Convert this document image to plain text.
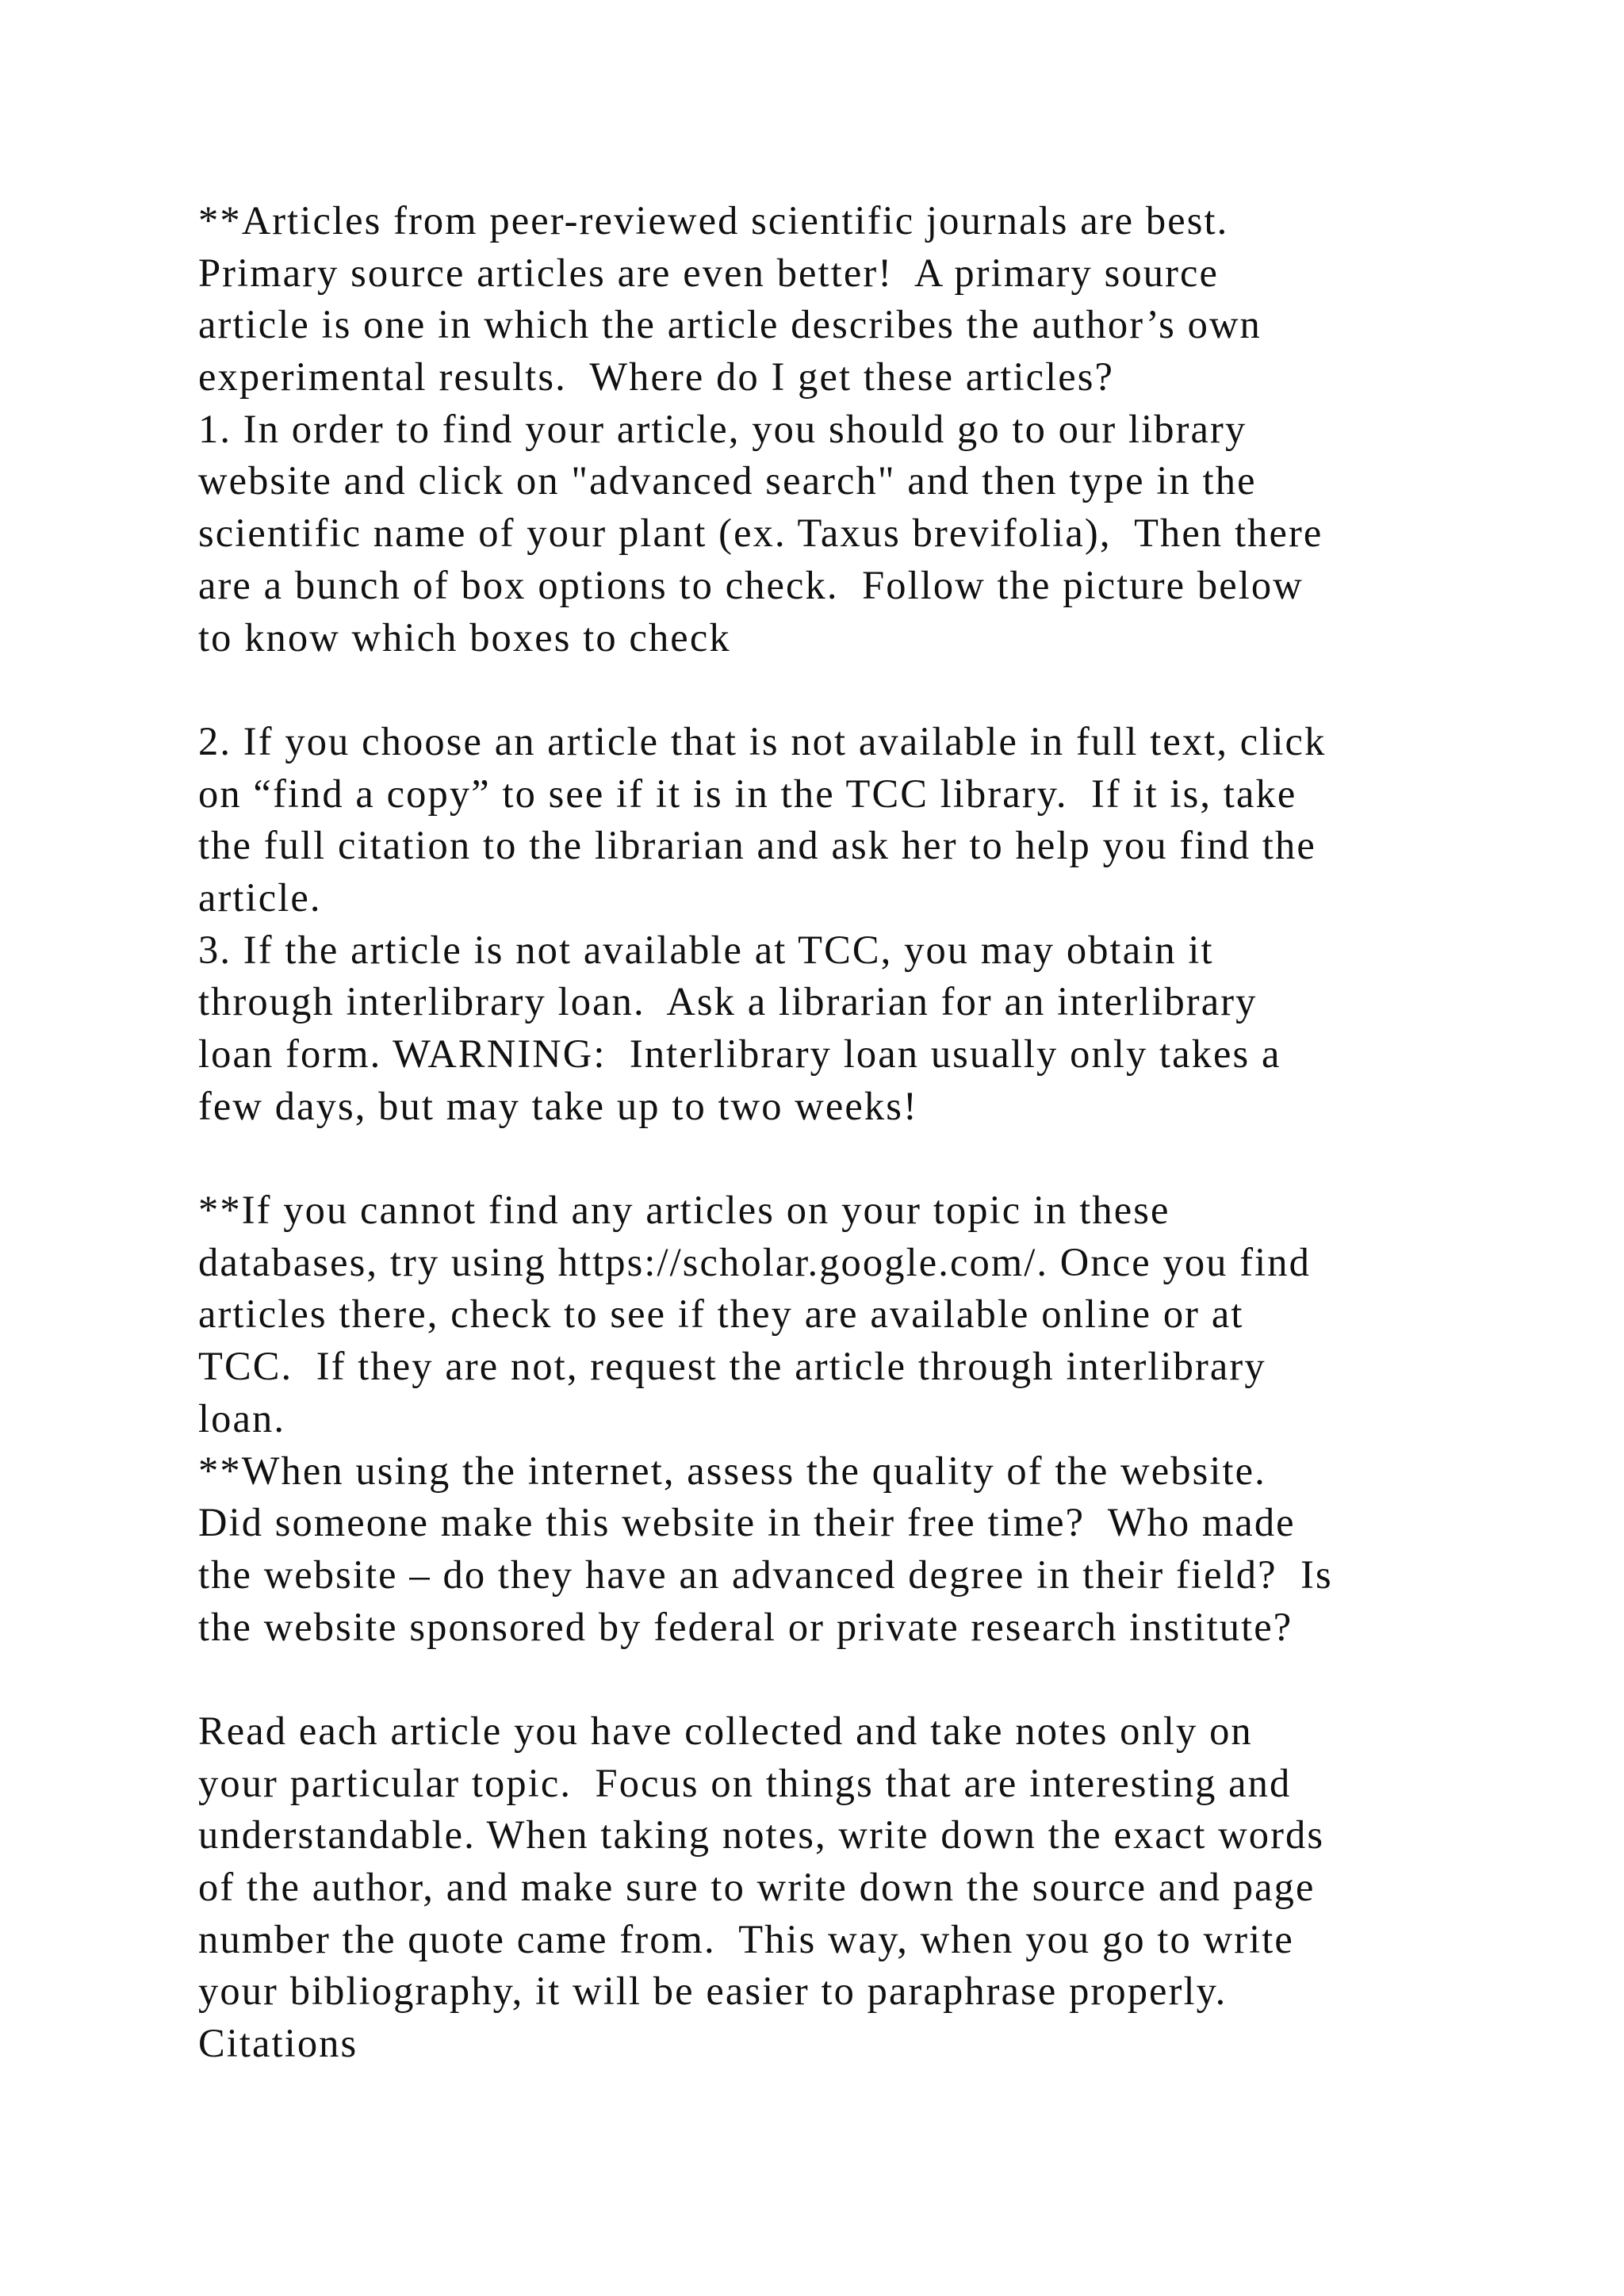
**Articles from peer-reviewed scientific journals are best.
Primary source articles are even better!  A primary source
article is one in which the article describes the author’s own
experimental results.  Where do I get these articles?
1. In order to find your article, you should go to our library
website and click on "advanced search" and then type in the
scientific name of your plant (ex. Taxus brevifolia),  Then there
are a bunch of box options to check.  Follow the picture below
to know which boxes to check
2. If you choose an article that is not available in full text, click
on “find a copy” to see if it is in the TCC library.  If it is, take
the full citation to the librarian and ask her to help you find the
article.
3. If the article is not available at TCC, you may obtain it
through interlibrary loan.  Ask a librarian for an interlibrary
loan form. WARNING:  Interlibrary loan usually only takes a
few days, but may take up to two weeks!
**If you cannot find any articles on your topic in these
databases, try using https://scholar.google.com/. Once you find
articles there, check to see if they are available online or at
TCC.  If they are not, request the article through interlibrary
loan.
**When using the internet, assess the quality of the website.
Did someone make this website in their free time?  Who made
the website – do they have an advanced degree in their field?  Is
the website sponsored by federal or private research institute?
Read each article you have collected and take notes only on
your particular topic.  Focus on things that are interesting and
understandable. When taking notes, write down the exact words
of the author, and make sure to write down the source and page
number the quote came from.  This way, when you go to write
your bibliography, it will be easier to paraphrase properly.
Citations
